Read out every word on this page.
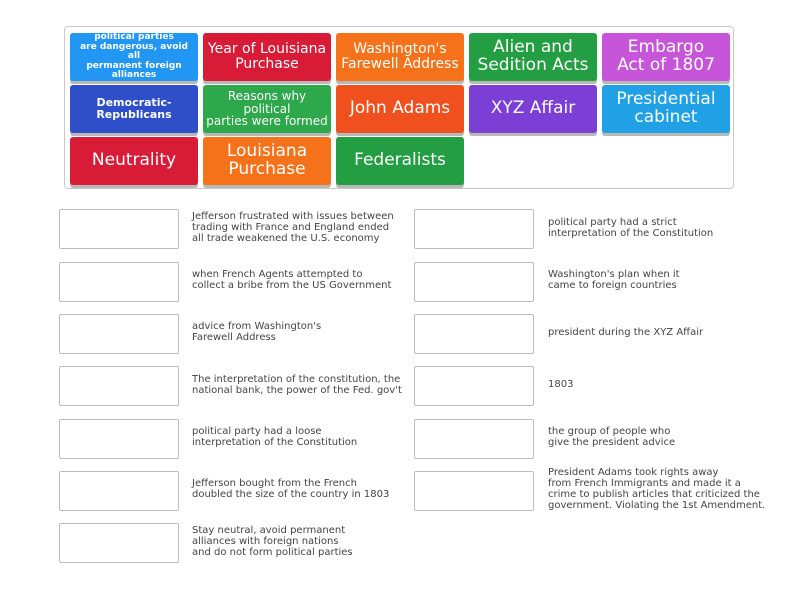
political parties
are dangerous, avoid all
permanent foreign alliances
Year of Louisiana
Purchase
Washington's
Farewell Address
Alien and
Sedition Acts
Embargo
Act of 1807
Democratic-Republicans
Reasons why political
parties were formed
John Adams	XYZ Affair	Presidential
cabinet
Neutrality	Louisiana
Purchase	Federalists
Jefferson frustrated with issues between
trading with France and England ended
all trade weakened the U.S. economy
when French Agents attempted to
collect a bribe from the US Government
advice from Washington's
Farewell Address
The interpretation of the constitution, the
national bank, the power of the Fed. gov't
political party had a loose
interpretation of the Constitution
Jefferson bought from the French
doubled the size of the country in 1803
Stay neutral, avoid permanent
alliances with foreign nations
and do not form political parties
political party had a strict
interpretation of the Constitution
Washington's plan when it
came to foreign countries
president during the XYZ Affair
1803
the group of people who
give the president advice
President Adams took rights away
from French Immigrants and made it a
crime to publish articles that criticized the
government. Violating the 1st Amendment.
